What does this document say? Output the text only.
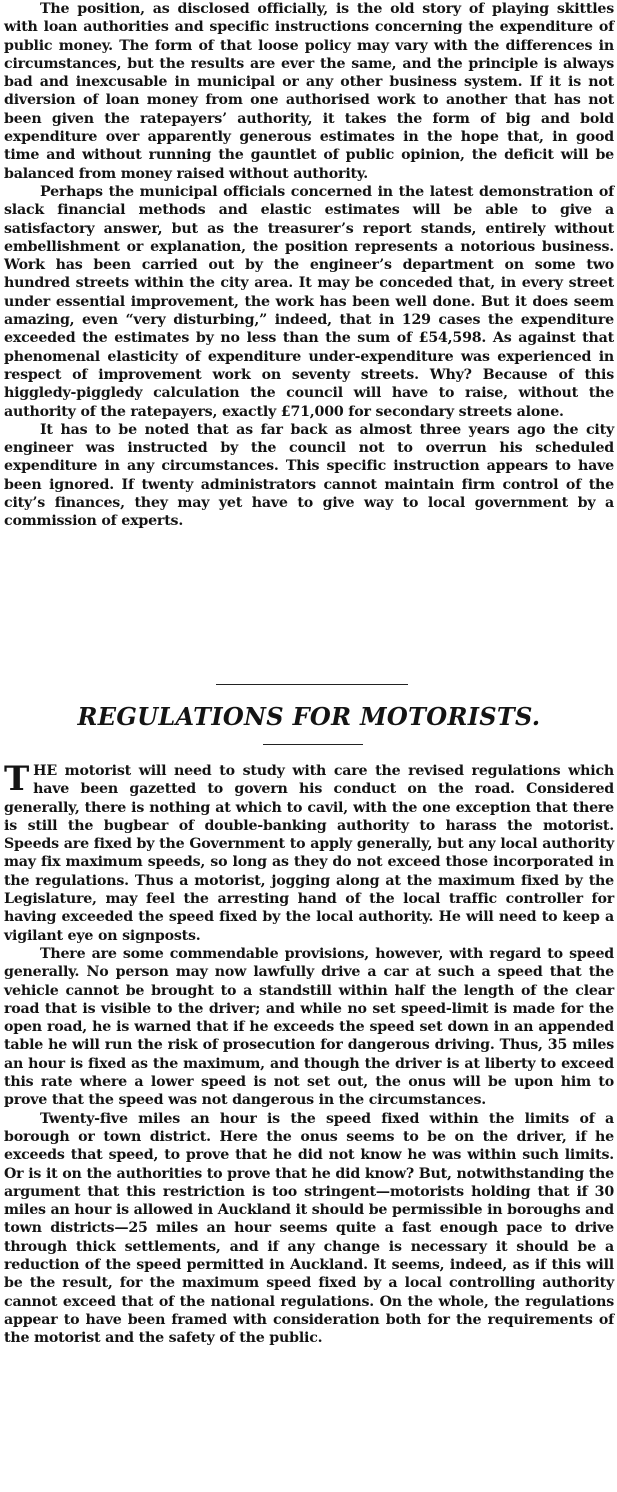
The position, as disclosed officially, is the old story of playing skittles with loan authorities and specific instructions concerning the expenditure of public money. The form of that loose policy may vary with the differences in circumstances, but the results are ever the same, and the principle is always bad and inexcusable in municipal or any other business system. If it is not diversion of loan money from one authorised work to another that has not been given the ratepayers’ authority, it takes the form of big and bold expenditure over apparently generous estimates in the hope that, in good time and without running the gauntlet of public opinion, the deficit will be balanced from money raised without authority.

Perhaps the municipal officials concerned in the latest demonstration of slack financial methods and elastic estimates will be able to give a satisfactory answer, but as the treasurer’s report stands, entirely without embellishment or explanation, the position represents a notorious business. Work has been carried out by the engineer’s department on some two hundred streets within the city area. It may be conceded that, in every street under essential improvement, the work has been well done. But it does seem amazing, even “very disturbing,” indeed, that in 129 cases the expenditure exceeded the estimates by no less than the sum of £54,598. As against that phenomenal elasticity of expenditure under-expenditure was experienced in respect of improvement work on seventy streets. Why? Because of this higgledy-piggledy calculation the council will have to raise, without the authority of the ratepayers, exactly £71,000 for secondary streets alone.

It has to be noted that as far back as almost three years ago the city engineer was instructed by the council not to overrun his scheduled expenditure in any circumstances. This specific instruction appears to have been ignored. If twenty administrators cannot maintain firm control of the city’s finances, they may yet have to give way to local government by a commission of experts.

REGULATIONS FOR MOTORISTS.

THE motorist will need to study with care the revised regulations which have been gazetted to govern his conduct on the road. Considered generally, there is nothing at which to cavil, with the one exception that there is still the bugbear of double-banking authority to harass the motorist. Speeds are fixed by the Government to apply generally, but any local authority may fix maximum speeds, so long as they do not exceed those incorporated in the regulations. Thus a motorist, jogging along at the maximum fixed by the Legislature, may feel the arresting hand of the local traffic controller for having exceeded the speed fixed by the local authority. He will need to keep a vigilant eye on signposts.

There are some commendable provisions, however, with regard to speed generally. No person may now lawfully drive a car at such a speed that the vehicle cannot be brought to a standstill within half the length of the clear road that is visible to the driver; and while no set speed-limit is made for the open road, he is warned that if he exceeds the speed set down in an appended table he will run the risk of prosecution for dangerous driving. Thus, 35 miles an hour is fixed as the maximum, and though the driver is at liberty to exceed this rate where a lower speed is not set out, the onus will be upon him to prove that the speed was not dangerous in the circumstances.

Twenty-five miles an hour is the speed fixed within the limits of a borough or town district. Here the onus seems to be on the driver, if he exceeds that speed, to prove that he did not know he was within such limits. Or is it on the authorities to prove that he did know? But, notwithstanding the argument that this restriction is too stringent—motorists holding that if 30 miles an hour is allowed in Auckland it should be permissible in boroughs and town districts—25 miles an hour seems quite a fast enough pace to drive through thick settlements, and if any change is necessary it should be a reduction of the speed permitted in Auckland. It seems, indeed, as if this will be the result, for the maximum speed fixed by a local controlling authority cannot exceed that of the national regulations. On the whole, the regulations appear to have been framed with consideration both for the requirements of the motorist and the safety of the public.
